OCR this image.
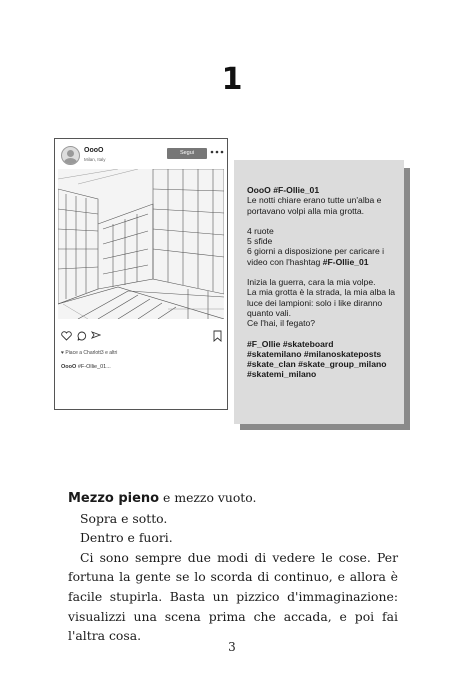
1
OooO
Milan, Italy
Segui
♥ Piace a Charlott3 e altri
OooO #F-Ollie_01...

OooO #F-Ollie_01
Le notti chiare erano tutte un'alba e portavano volpi alla mia grotta.

4 ruote
5 sfide
6 giorni a disposizione per caricare i video con l'hashtag #F-Ollie_01

Inizia la guerra, cara la mia volpe.
La mia grotta è la strada, la mia alba la luce dei lampioni: solo i like diranno quanto vali.
Ce l'hai, il fegato?

#F_Ollie #skateboard
#skatemilano #milanoskateposts
#skate_clan #skate_group_milano
#skatemi_milano

Mezzo pieno e mezzo vuoto.

Sopra e sotto.

Dentro e fuori.

Ci sono sempre due modi di vedere le cose. Per fortuna la gente se lo scorda di continuo, e allora è facile stupirla. Basta un pizzico d'immaginazione: visualizzi una scena prima che accada, e poi fai l'altra cosa.

3
